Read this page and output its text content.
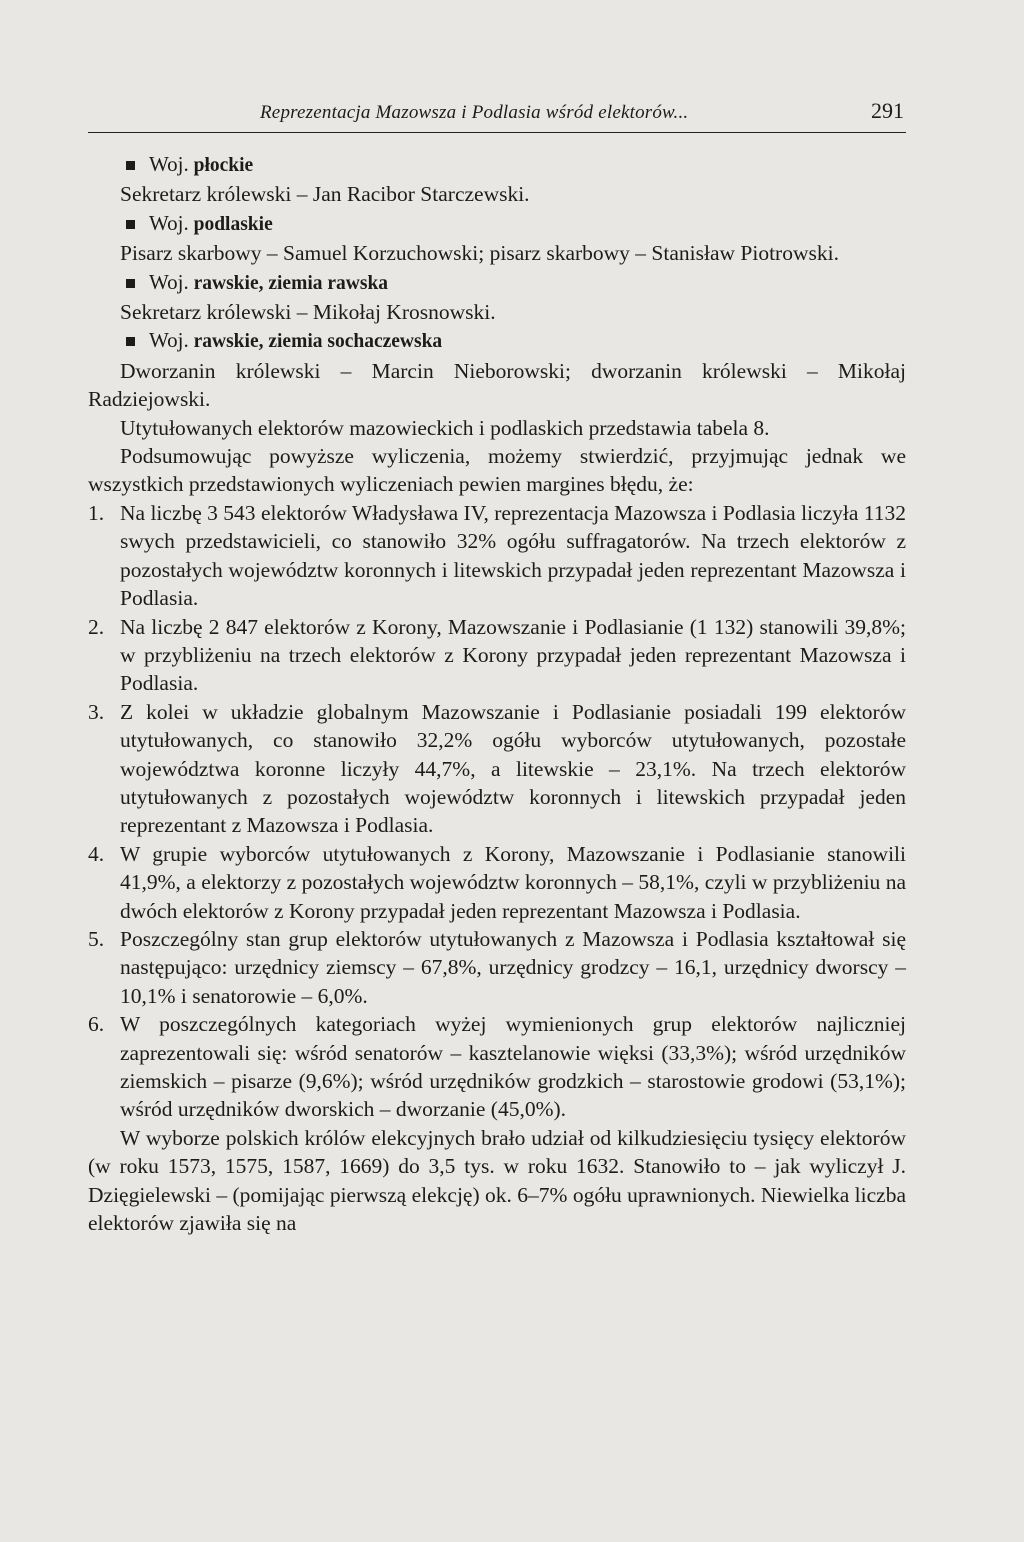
Reprezentacja Mazowsza i Podlasia wśród elektorów...	291

Woj. płockie

Sekretarz królewski – Jan Racibor Starczewski.

Woj. podlaskie

Pisarz skarbowy – Samuel Korzuchowski; pisarz skarbowy – Stanisław Piotrowski.

Woj. rawskie, ziemia rawska

Sekretarz królewski – Mikołaj Krosnowski.

Woj. rawskie, ziemia sochaczewska

Dworzanin królewski – Marcin Nieborowski; dworzanin królewski – Mikołaj Radziejowski.

Utytułowanych elektorów mazowieckich i podlaskich przedstawia tabela 8.

Podsumowując powyższe wyliczenia, możemy stwierdzić, przyjmując jednak we wszystkich przedstawionych wyliczeniach pewien margines błędu, że:

1. Na liczbę 3 543 elektorów Władysława IV, reprezentacja Mazowsza i Podlasia liczyła 1132 swych przedstawicieli, co stanowiło 32% ogółu suffragatorów. Na trzech elektorów z pozostałych województw koronnych i litewskich przypadał jeden reprezentant Mazowsza i Podlasia.

2. Na liczbę 2 847 elektorów z Korony, Mazowszanie i Podlasianie (1 132) stanowili 39,8%; w przybliżeniu na trzech elektorów z Korony przypadał jeden reprezentant Mazowsza i Podlasia.

3. Z kolei w układzie globalnym Mazowszanie i Podlasianie posiadali 199 elektorów utytułowanych, co stanowiło 32,2% ogółu wyborców utytułowanych, pozostałe województwa koronne liczyły 44,7%, a litewskie – 23,1%. Na trzech elektorów utytułowanych z pozostałych województw koronnych i litewskich przypadał jeden reprezentant z Mazowsza i Podlasia.

4. W grupie wyborców utytułowanych z Korony, Mazowszanie i Podlasianie stanowili 41,9%, a elektorzy z pozostałych województw koronnych – 58,1%, czyli w przybliżeniu na dwóch elektorów z Korony przypadał jeden reprezentant Mazowsza i Podlasia.

5. Poszczególny stan grup elektorów utytułowanych z Mazowsza i Podlasia kształtował się następująco: urzędnicy ziemscy – 67,8%, urzędnicy grodzcy – 16,1, urzędnicy dworscy – 10,1% i senatorowie – 6,0%.

6. W poszczególnych kategoriach wyżej wymienionych grup elektorów najliczniej zaprezentowali się: wśród senatorów – kasztelanowie więksi (33,3%); wśród urzędników ziemskich – pisarze (9,6%); wśród urzędników grodzkich – starostowie grodowi (53,1%); wśród urzędników dworskich – dworzanie (45,0%).

W wyborze polskich królów elekcyjnych brało udział od kilkudziesięciu tysięcy elektorów (w roku 1573, 1575, 1587, 1669) do 3,5 tys. w roku 1632. Stanowiło to – jak wyliczył J. Dzięgielewski – (pomijając pierwszą elekcję) ok. 6–7% ogółu uprawnionych. Niewielka liczba elektorów zjawiła się na
